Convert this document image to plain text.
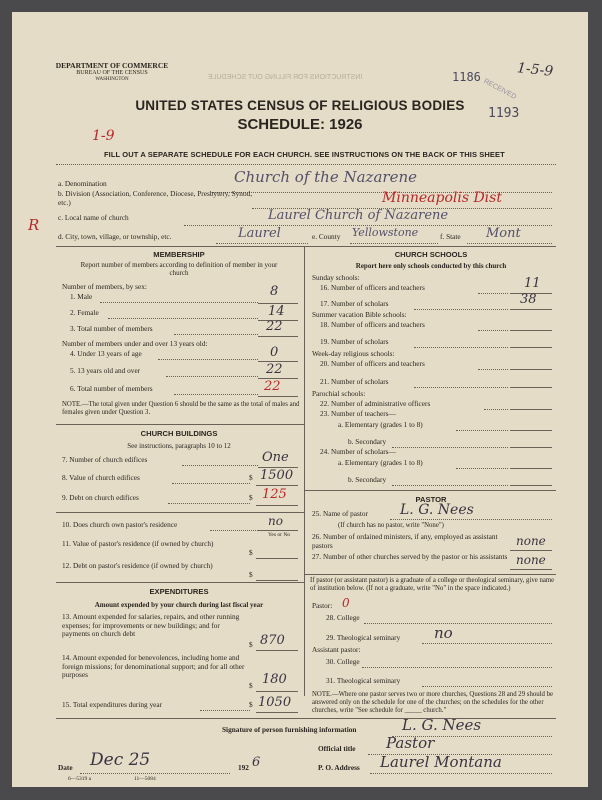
INSTRUCTIONS FOR FILLING OUT SCHEDULE
DEPARTMENT OF COMMERCE
BUREAU OF THE CENSUS
WASHINGTON	1186
1193
RECEIVED
1-5-9
UNITED STATES CENSUS OF RELIGIOUS BODIES
SCHEDULE: 1926
1-9
FILL OUT A SEPARATE SCHEDULE FOR EACH CHURCH. SEE INSTRUCTIONS ON THE BACK OF THIS SHEET
R
a. Denomination	Church of the Nazarene
b. Division (Association, Conference, Diocese, Presbytery, Synod, etc.)	Minneapolis Dist
c. Local name of church	Laurel Church of Nazarene
d. City, town, village, or township, etc.	Laurel	e. County Yellowstone	f. State Mont
MEMBERSHIP
Report number of members according to definition of member in your church
Number of members, by sex:
1. Male	8
2. Female	14
3. Total number of members	22
Number of members under and over 13 years old:
4. Under 13 years of age	0
5. 13 years old and over	22
6. Total number of members	22
NOTE.—The total given under Question 6 should be the same as the total of males and females given under Question 3.
CHURCH BUILDINGS
See instructions, paragraphs 10 to 12
7. Number of church edifices	One
8. Value of church edifices	$ 1500
9. Debt on church edifices	$ 125
10. Does church own pastor's residence	no
Yes or No
11. Value of pastor's residence (if owned by church)
$
12. Debt on pastor's residence (if owned by church)
$
EXPENDITURES
Amount expended by your church during last fiscal year
13. Amount expended for salaries, repairs, and other running expenses; for improvements or new buildings; and for payments on church debt
$ 870
14. Amount expended for benevolences, including home and foreign missions; for denominational support; and for all other purposes
$ 180
15. Total expenditures during year	$ 1050
CHURCH SCHOOLS
Report here only schools conducted by this church
Sunday schools:
16. Number of officers and teachers	11
17. Number of scholars	38
Summer vacation Bible schools:
18. Number of officers and teachers
19. Number of scholars
Week-day religious schools:
20. Number of officers and teachers
21. Number of scholars
Parochial schools:
22. Number of administrative officers
23. Number of teachers—
a. Elementary (grades 1 to 8)
b. Secondary
24. Number of scholars—
a. Elementary (grades 1 to 8)
b. Secondary
PASTOR
25. Name of pastor L. G. Nees
(If church has no pastor, write "None")
26. Number of ordained ministers, if any, employed as assistant pastors	none
27. Number of other churches served by the pastor or his assistants none
If pastor (or assistant pastor) is a graduate of a college or theological seminary, give name of institution below. (If not a graduate, write "No" in the space indicated.)
Pastor: 0
28. College
29. Theological seminary no
Assistant pastor:
30. College
31. Theological seminary
NOTE.—Where one pastor serves two or more churches, Questions 28 and 29 should be answered only on the schedule for one of the churches; on the schedules for the other churches, write "See schedule for _____ church."
Signature of person furnishing information	L. G. Nees
Official title Pastor
Date Dec 25	192 6	P. O. Address Laurel Montana
6—5319 a	11—5084
